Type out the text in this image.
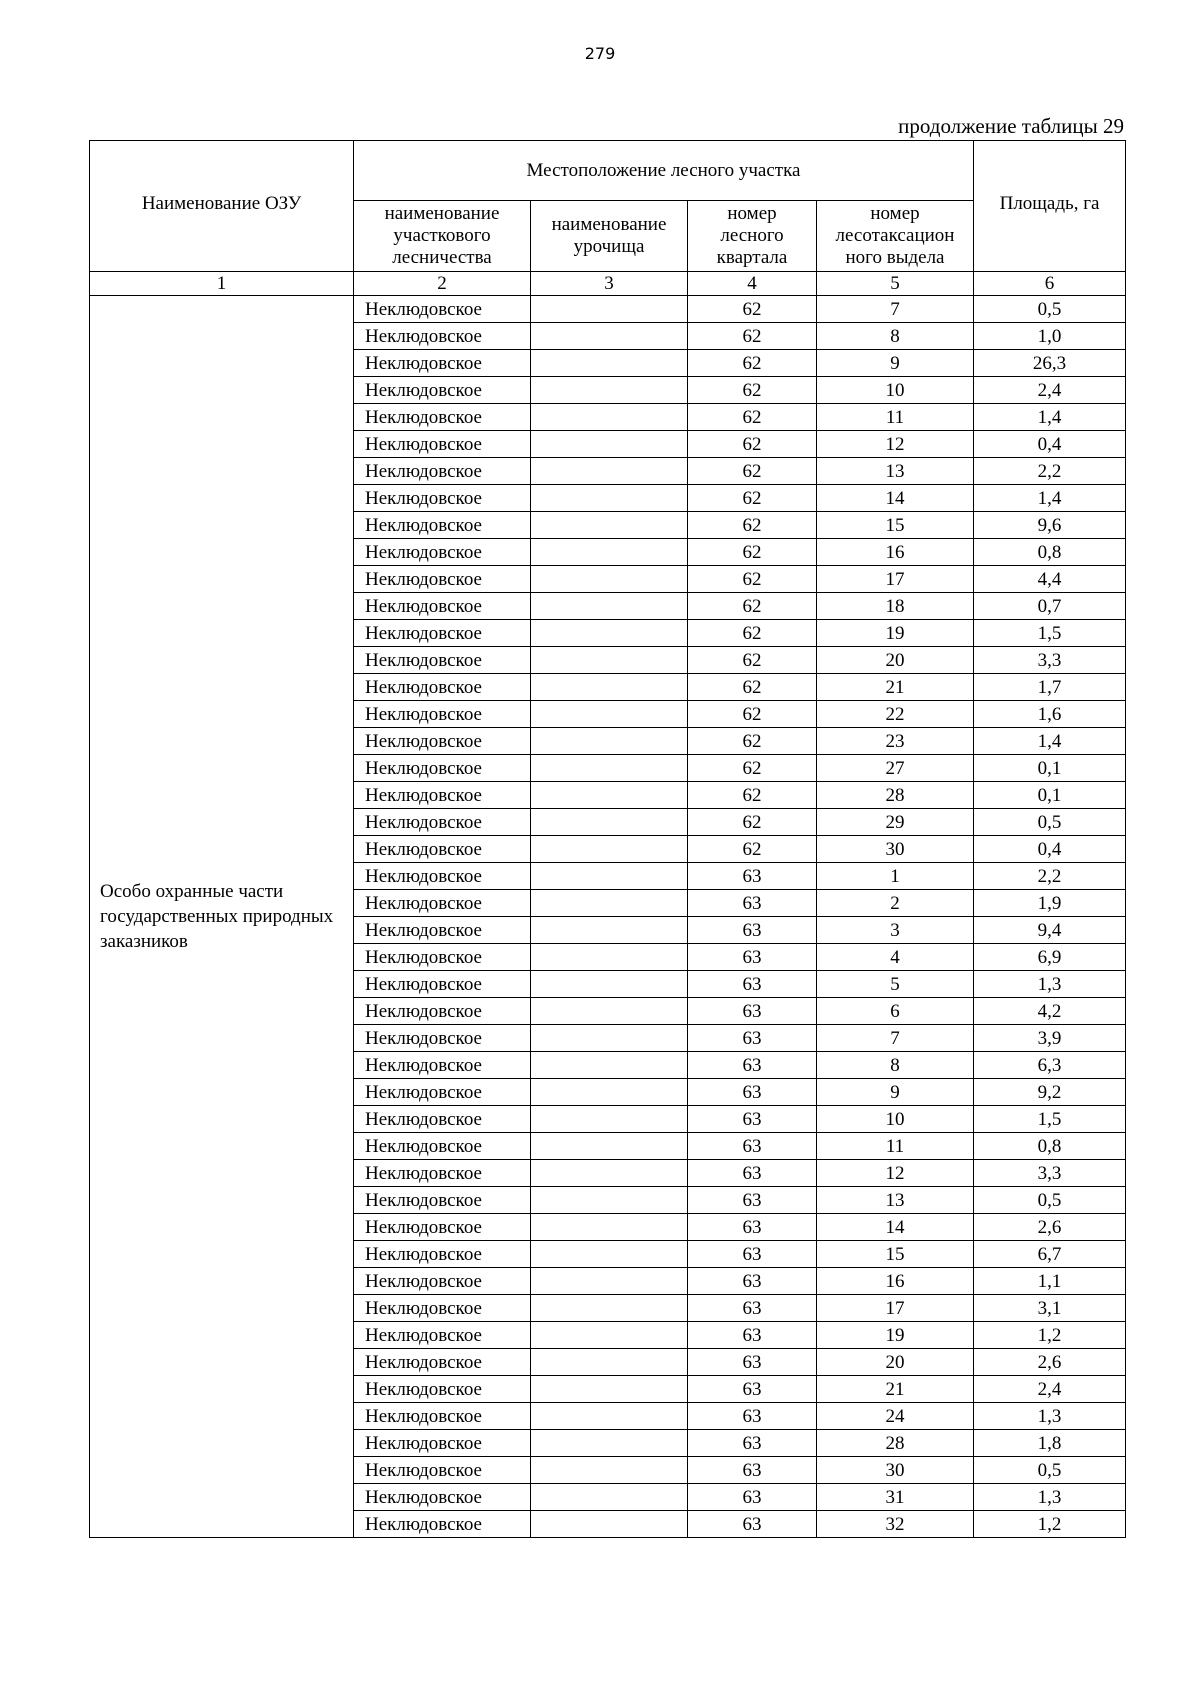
279
продолжение таблицы 29
Наименование ОЗУ	Местоположение лесного участка				Площадь, га
	наименование участкового лесничества	наименование урочища	номер лесного квартала	номер лесотаксацион ного выдела	
1	2	3	4	5	6
Особо охранные части государственных природных заказников	Неклюдовское		62	7	0,5
	Неклюдовское		62	8	1,0
	Неклюдовское		62	9	26,3
	Неклюдовское		62	10	2,4
	Неклюдовское		62	11	1,4
	Неклюдовское		62	12	0,4
	Неклюдовское		62	13	2,2
	Неклюдовское		62	14	1,4
	Неклюдовское		62	15	9,6
	Неклюдовское		62	16	0,8
	Неклюдовское		62	17	4,4
	Неклюдовское		62	18	0,7
	Неклюдовское		62	19	1,5
	Неклюдовское		62	20	3,3
	Неклюдовское		62	21	1,7
	Неклюдовское		62	22	1,6
	Неклюдовское		62	23	1,4
	Неклюдовское		62	27	0,1
	Неклюдовское		62	28	0,1
	Неклюдовское		62	29	0,5
	Неклюдовское		62	30	0,4
	Неклюдовское		63	1	2,2
	Неклюдовское		63	2	1,9
	Неклюдовское		63	3	9,4
	Неклюдовское		63	4	6,9
	Неклюдовское		63	5	1,3
	Неклюдовское		63	6	4,2
	Неклюдовское		63	7	3,9
	Неклюдовское		63	8	6,3
	Неклюдовское		63	9	9,2
	Неклюдовское		63	10	1,5
	Неклюдовское		63	11	0,8
	Неклюдовское		63	12	3,3
	Неклюдовское		63	13	0,5
	Неклюдовское		63	14	2,6
	Неклюдовское		63	15	6,7
	Неклюдовское		63	16	1,1
	Неклюдовское		63	17	3,1
	Неклюдовское		63	19	1,2
	Неклюдовское		63	20	2,6
	Неклюдовское		63	21	2,4
	Неклюдовское		63	24	1,3
	Неклюдовское		63	28	1,8
	Неклюдовское		63	30	0,5
	Неклюдовское		63	31	1,3
	Неклюдовское		63	32	1,2
